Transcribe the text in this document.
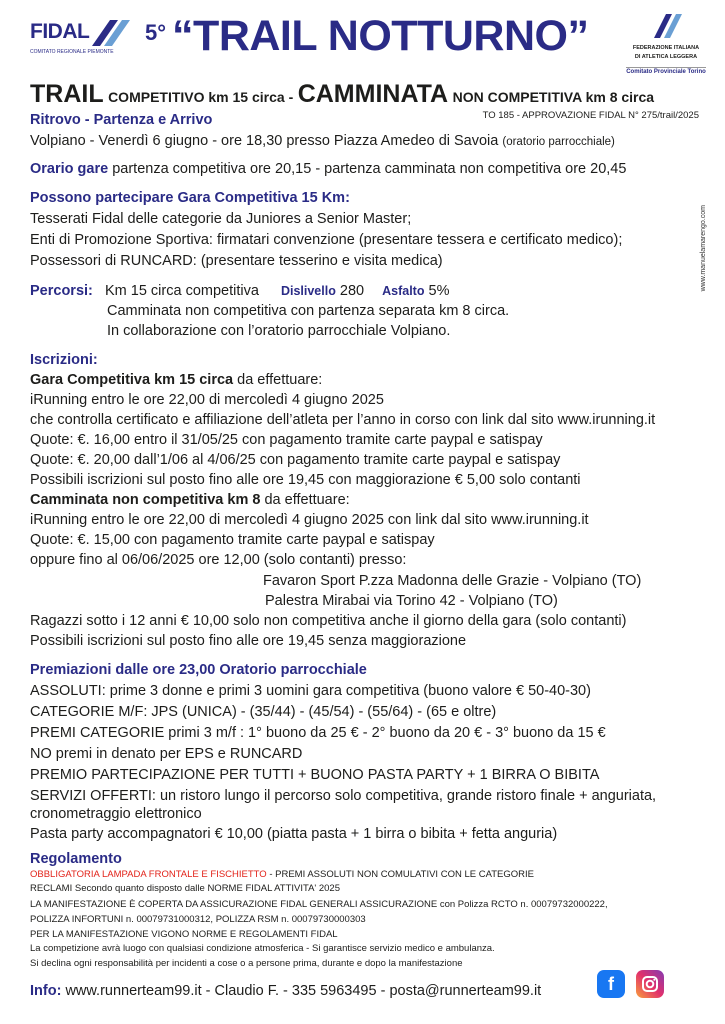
FIDAL
COMITATO REGIONALE PIEMONTE
FEDERAZIONE ITALIANA
DI ATLETICA LEGGERA
Comitato Provinciale Torino
5° “TRAIL NOTTURNO”
TRAIL COMPETITIVO km 15 circa - CAMMINATA NON COMPETITIVA km 8 circa
TO 185 - APPROVAZIONE FIDAL N° 275/trail/2025
Ritrovo - Partenza e Arrivo
Volpiano - Venerdì 6 giugno - ore 18,30 presso Piazza Amedeo di Savoia (oratorio parrocchiale)
Orario gare partenza competitiva ore 20,15 - partenza camminata non competitiva ore 20,45
Possono partecipare Gara Competitiva 15 Km:
Tesserati Fidal delle categorie da Juniores a Senior Master;
Enti di Promozione Sportiva: firmatari convenzione (presentare tessera e certificato medico);
Possessori di RUNCARD: (presentare tesserino e visita medica)
Percorsi: Km 15 circa competitiva Dislivello 280 Asfalto 5%
Camminata non competitiva con partenza separata km 8 circa.
In collaborazione con l’oratorio parrocchiale Volpiano.
Iscrizioni:
Gara Competitiva km 15 circa da effettuare:
iRunning entro le ore 22,00 di mercoledì 4 giugno 2025
che controlla certificato e affiliazione dell’atleta per l’anno in corso con link dal sito www.irunning.it
Quote: €. 16,00 entro il 31/05/25 con pagamento tramite carte paypal e satispay
Quote: €. 20,00 dall’1/06 al 4/06/25 con pagamento tramite carte paypal e satispay
Possibili iscrizioni sul posto fino alle ore 19,45 con maggiorazione € 5,00 solo contanti
Camminata non competitiva km 8 da effettuare:
iRunning entro le ore 22,00 di mercoledì 4 giugno 2025 con link dal sito www.irunning.it
Quote: €. 15,00 con pagamento tramite carte paypal e satispay
oppure fino al 06/06/2025 ore 12,00 (solo contanti) presso:
Favaron Sport P.zza Madonna delle Grazie - Volpiano (TO)
Palestra Mirabai via Torino 42 - Volpiano (TO)
Ragazzi sotto i 12 anni € 10,00 solo non competitiva anche il giorno della gara (solo contanti)
Possibili iscrizioni sul posto fino alle ore 19,45 senza maggiorazione
Premiazioni dalle ore 23,00 Oratorio parrocchiale
ASSOLUTI: prime 3 donne e primi 3 uomini gara competitiva (buono valore € 50-40-30)
CATEGORIE M/F: JPS (UNICA) - (35/44) - (45/54) - (55/64) - (65 e oltre)
PREMI CATEGORIE primi 3 m/f : 1° buono da 25 € - 2° buono da 20 € - 3° buono da 15 €
NO premi in denato per EPS e RUNCARD
PREMIO PARTECIPAZIONE PER TUTTI + BUONO PASTA PARTY + 1 BIRRA O BIBITA
SERVIZI OFFERTI: un ristoro lungo il percorso solo competitiva, grande ristoro finale + anguriata,
cronometraggio elettronico
Pasta party accompagnatori € 10,00 (piatta pasta + 1 birra o bibita + fetta anguria)
Regolamento
OBBLIGATORIA LAMPADA FRONTALE E FISCHIETTO - PREMI ASSOLUTI NON COMULATIVI CON LE CATEGORIE
RECLAMI Secondo quanto disposto dalle NORME FIDAL ATTIVITA' 2025
LA MANIFESTAZIONE È COPERTA DA ASSICURAZIONE FIDAL GENERALI ASSICURAZIONE con Polizza RCTO n. 00079732000222,
POLIZZA INFORTUNI n. 00079731000312, POLIZZA RSM n. 00079730000303
PER LA MANIFESTAZIONE VIGONO NORME E REGOLAMENTI FIDAL
La competizione avrà luogo con qualsiasi condizione atmosferica - Si garantisce servizio medico e ambulanza.
Si declina ogni responsabilità per incidenti a cose o a persone prima, durante e dopo la manifestazione
Info: www.runnerteam99.it - Claudio F. - 335 5963495 - posta@runnerteam99.it	f
www.manuelamarengo.com
